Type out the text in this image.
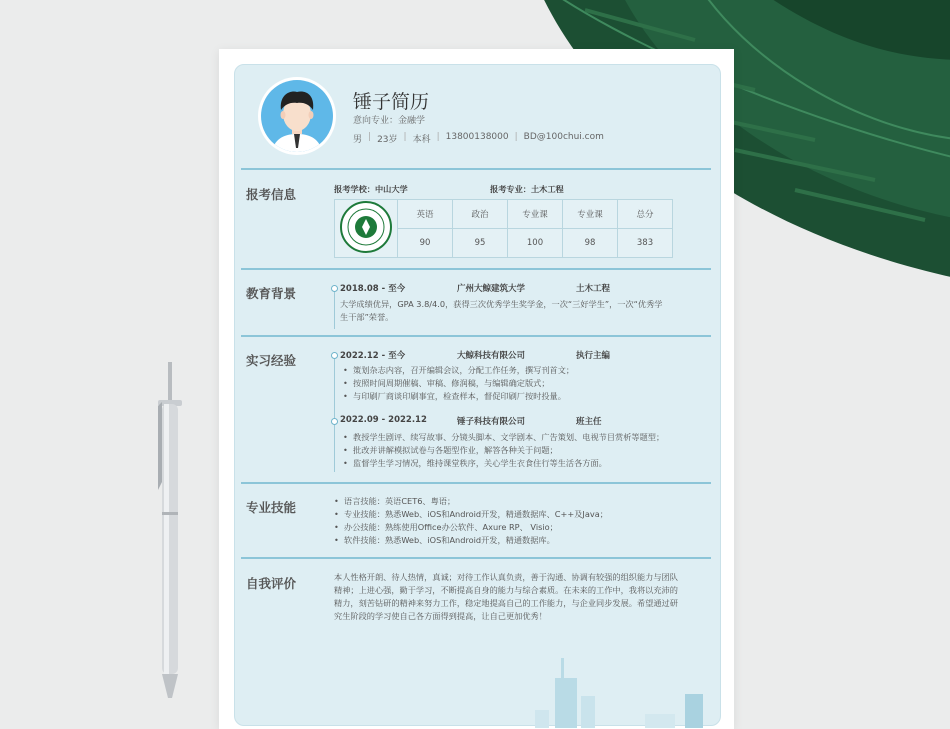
锤子简历
意向专业：金融学
男 | 23岁 | 本科 | 13800138000 | BD@100chui.com
报考信息	报考学校：中山大学	报考专业：土木工程
	英语	政治	专业课	专业课	总分
	90	95	100	98	383
教育背景	2018.08 - 至今	广州大鲸建筑大学	土木工程
大学成绩优异，GPA 3.8/4.0，获得三次优秀学生奖学金，一次“三好学生”，一次“优秀学
生干部”荣誉。
实习经验	2022.12 - 至今	大鲸科技有限公司	执行主编
• 策划杂志内容，召开编辑会议，分配工作任务，撰写刊首文；
• 按照时间周期催稿、审稿、修润稿，与编辑确定版式；
• 与印刷厂商谈印刷事宜，检查样本，督促印刷厂按时投量。
2022.09 - 2022.12	锤子科技有限公司	班主任
• 教授学生剧评、续写故事、分镜头脚本、文学剧本、广告策划、电视节目赏析等题型；
• 批改并讲解模拟试卷与各题型作业，解答各种关于问题；
• 监督学生学习情况，维持课堂秩序，关心学生衣食住行等生活各方面。
专业技能	• 语言技能：英语CET6、粤语；
• 专业技能：熟悉Web、iOS和Android开发，精通数据库、C++及Java；
• 办公技能：熟练使用Office办公软件、Axure RP、 Visio；
• 软件技能：熟悉Web、iOS和Android开发，精通数据库。
自我评价	本人性格开朗、待人热情，真诚；对待工作认真负责，善于沟通、协调有较强的组织能力与团队
精神；上进心强，勤于学习，不断提高自身的能力与综合素质。在未来的工作中，我将以充沛的
精力，刻苦钻研的精神来努力工作，稳定地提高自己的工作能力，与企业同步发展。希望通过研
究生阶段的学习使自己各方面得到提高，让自己更加优秀！
